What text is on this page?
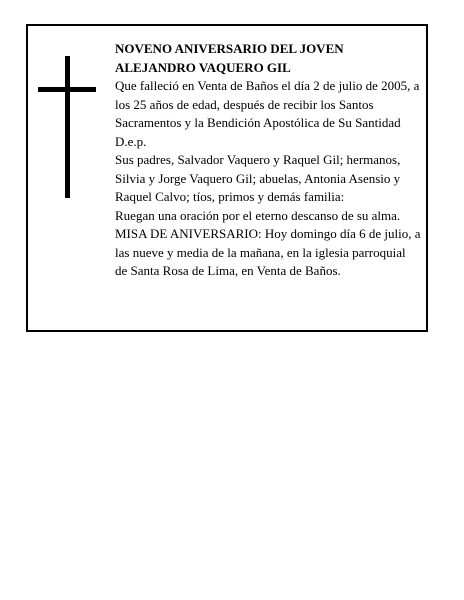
NOVENO ANIVERSARIO DEL JOVEN

ALEJANDRO VAQUERO GIL

Que falleció en Venta de Baños el día 2 de julio de 2005, a los 25 años de edad, después de recibir los Santos Sacramentos y la Bendición Apostólica de Su Santidad

D.e.p.

Sus padres, Salvador Vaquero y Raquel Gil; hermanos, Silvia y Jorge Vaquero Gil; abuelas, Antonia Asensio y Raquel Calvo; tíos, primos y demás familia:

Ruegan una oración por el eterno descanso de su alma.

MISA DE ANIVERSARIO: Hoy domingo día 6 de julio, a las nueve y media de la mañana, en la iglesia parroquial de Santa Rosa de Lima, en Venta de Baños.
